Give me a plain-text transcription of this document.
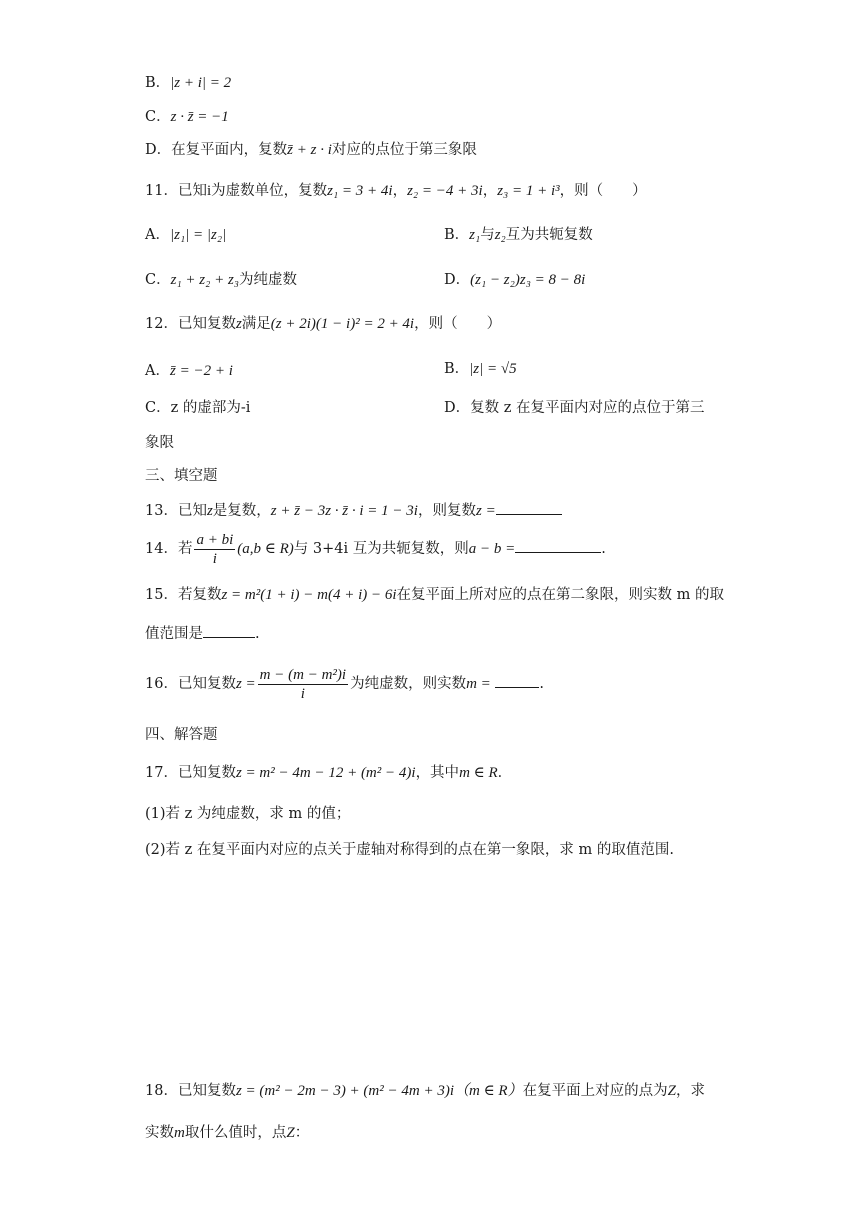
B．|z + i| = 2
C．z · z̄ = −1
D．在复平面内，复数z̄ + z · i对应的点位于第三象限
11．已知i为虚数单位，复数z₁ = 3 + 4i，z₂ = −4 + 3i，z₃ = 1 + i³，则（　　）
A．|z₁| = |z₂|	B．z₁与z₂互为共轭复数
C．z₁ + z₂ + z₃为纯虚数	D．(z₁ − z₂)z₃ = 8 − 8i
12．已知复数z满足(z + 2i)(1 − i)² = 2 + 4i，则（　　）
A．z̄ = −2 + i	B．|z| = √5
C．z 的虚部为-i	D．复数 z 在复平面内对应的点位于第三
象限
三、填空题
13．已知z是复数，z + z̄ − 3z · z̄ · i = 1 − 3i，则复数z =
14．若 $\frac{a + bi}{i} (a,b$ ∈ R)与 3+4i 互为共轭复数，则a − b =	.
15．若复数z = m²(1 + i) − m(4 + i) − 6i在复平面上所对应的点在第二象限，则实数 m 的取
值范围是	.
16．已知复数$z = \frac{\text{m − (m − m²)i}}{i}$ 为纯虚数，则实数m =	.
四、解答题
17．已知复数z = m² − 4m − 12 + (m² − 4)i，其中m ∈ R．
(1)若 z 为纯虚数，求 m 的值；
(2)若 z 在复平面内对应的点关于虚轴对称得到的点在第一象限，求 m 的取值范围.
18．已知复数z = (m² − 2m − 3) + (m² − 4m + 3)i（m ∈ R）在复平面上对应的点为Z，求
实数m取什么值时，点Z：
